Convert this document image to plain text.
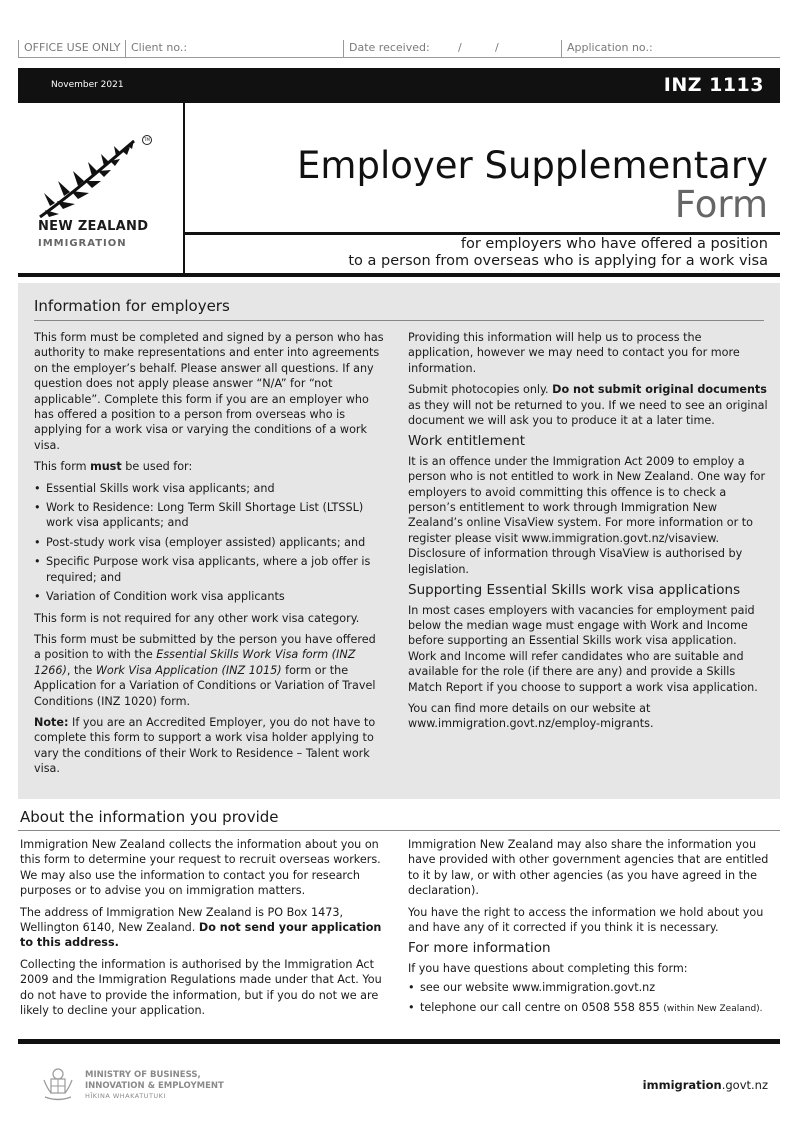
OFFICE USE ONLY Client no.:	Date received:	/	/	Application no.:
November 2021	INZ 1113
TM
NEW ZEALAND
IMMIGRATION
Employer Supplementary
Form
for employers who have offered a position
to a person from overseas who is applying for a work visa
Information for employers

This form must be completed and signed by a person who has authority to make representations and enter into agreements on the employer’s behalf. Please answer all questions. If any question does not apply please answer “N/A” for “not applicable”. Complete this form if you are an employer who has offered a position to a person from overseas who is applying for a work visa or varying the conditions of a work visa.

This form must be used for:

• Essential Skills work visa applicants; and
• Work to Residence: Long Term Skill Shortage List (LTSSL) work visa applicants; and
• Post-study work visa (employer assisted) applicants; and
• Specific Purpose work visa applicants, where a job offer is required; and
• Variation of Condition work visa applicants

This form is not required for any other work visa category.

This form must be submitted by the person you have offered a position to with the Essential Skills Work Visa form (INZ 1266), the Work Visa Application (INZ 1015) form or the Application for a Variation of Conditions or Variation of Travel Conditions (INZ 1020) form.

Note: If you are an Accredited Employer, you do not have to complete this form to support a work visa holder applying to vary the conditions of their Work to Residence – Talent work visa.

Providing this information will help us to process the application, however we may need to contact you for more information.

Submit photocopies only. Do not submit original documents as they will not be returned to you. If we need to see an original document we will ask you to produce it at a later time.

Work entitlement

It is an offence under the Immigration Act 2009 to employ a person who is not entitled to work in New Zealand. One way for employers to avoid committing this offence is to check a person’s entitlement to work through Immigration New Zealand’s online VisaView system. For more information or to register please visit www.immigration.govt.nz/visaview. Disclosure of information through VisaView is authorised by legislation.

Supporting Essential Skills work visa applications

In most cases employers with vacancies for employment paid below the median wage must engage with Work and Income before supporting an Essential Skills work visa application. Work and Income will refer candidates who are suitable and available for the role (if there are any) and provide a Skills Match Report if you choose to support a work visa application.

You can find more details on our website at www.immigration.govt.nz/employ-migrants.

About the information you provide

Immigration New Zealand collects the information about you on this form to determine your request to recruit overseas workers. We may also use the information to contact you for research purposes or to advise you on immigration matters.

The address of Immigration New Zealand is PO Box 1473, Wellington 6140, New Zealand. Do not send your application to this address.

Collecting the information is authorised by the Immigration Act 2009 and the Immigration Regulations made under that Act. You do not have to provide the information, but if you do not we are likely to decline your application.

Immigration New Zealand may also share the information you have provided with other government agencies that are entitled to it by law, or with other agencies (as you have agreed in the declaration).

You have the right to access the information we hold about you and have any of it corrected if you think it is necessary.

For more information

If you have questions about completing this form:

• see our website www.immigration.govt.nz
• telephone our call centre on 0508 558 855 (within New Zealand).
MINISTRY OF BUSINESS,
INNOVATION & EMPLOYMENT
HĪKINA WHAKATUTUKI
immigration.govt.nz
